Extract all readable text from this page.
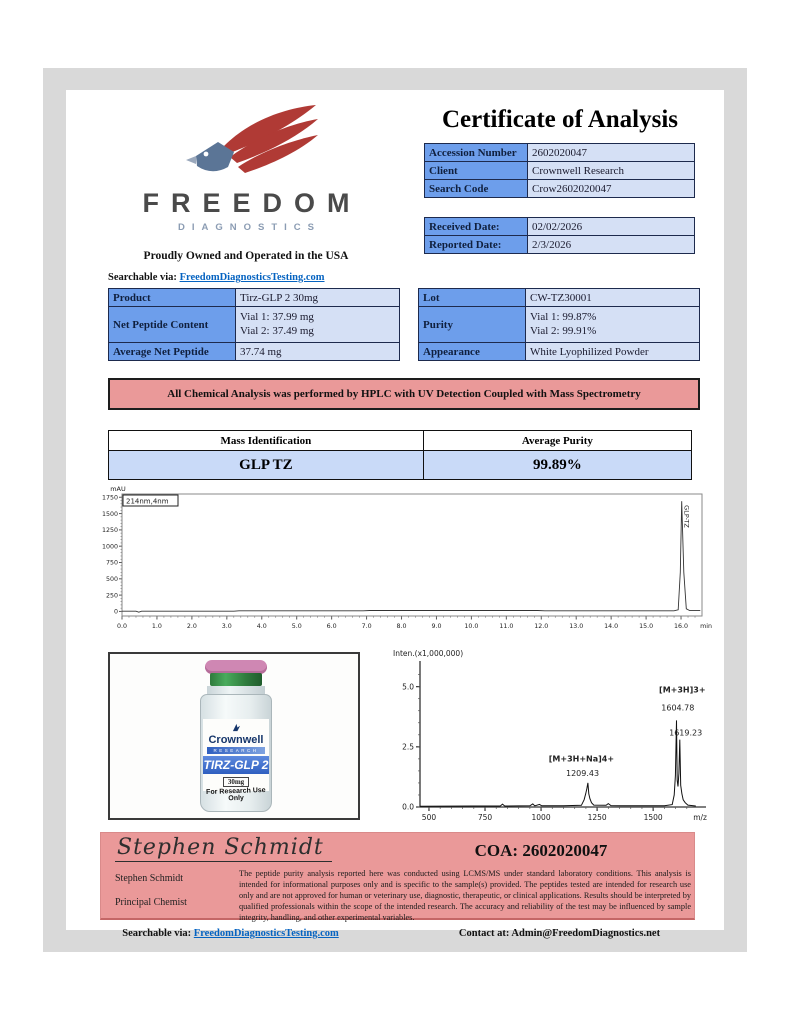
FREEDOM
DIAGNOSTICS
Proudly Owned and Operated in the USA
Searchable via: FreedomDiagnosticsTesting.com
Certificate of Analysis
Accession Number	2602020047
Client	Crownwell Research
Search Code	Crow2602020047
Received Date:	02/02/2026
Reported Date:	2/3/2026
Product	Tirz-GLP 2 30mg
Net Peptide Content	Vial 1: 37.99 mg
Vial 2: 37.49 mg

Average Net Peptide	37.74 mg
Lot	CW-TZ30001
Purity	Vial 1: 99.87%
Vial 2: 99.91%

Appearance	White Lyophilized Powder
All Chemical Analysis was performed by HPLC with UV Detection Coupled with Mass Spectrometry
Mass Identification	Average Purity
GLP TZ	99.89%
0
250
500
750
1000
1250
1500
1750
0.0	1.0	2.0	3.0	4.0	5.0	6.0	7.0	8.0	9.0	10.0	11.0	12.0	13.0	14.0	15.0	16.0 min
mAU
214nm,4nm
GLP-TZ
Crownwell
RESEARCH
TIRZ-GLP 2
30mg
For Research Use Only
0.0
2.5
5.0
500	750	1000	1250	1500	m/z
Inten.(x1,000,000)
[M+3H]3+
1604.78
1619.23
[M+3H+Na]4+
1209.43
Stephen Schmidt	COA: 2602020047
Stephen Schmidt
Principal Chemist
The peptide purity analysis reported here was conducted using LCMS/MS under standard laboratory conditions. This analysis is intended for informational purposes only and is specific to the sample(s) provided. The peptides tested are intended for research use only and are not approved for human or veterinary use, diagnostic, therapeutic, or clinical applications. Results should be interpreted by qualified professionals within the scope of the intended research. The accuracy and reliability of the test may be influenced by sample integrity, handling, and other experimental variables.
Searchable via: FreedomDiagnosticsTesting.com	Contact at: Admin@FreedomDiagnostics.net
